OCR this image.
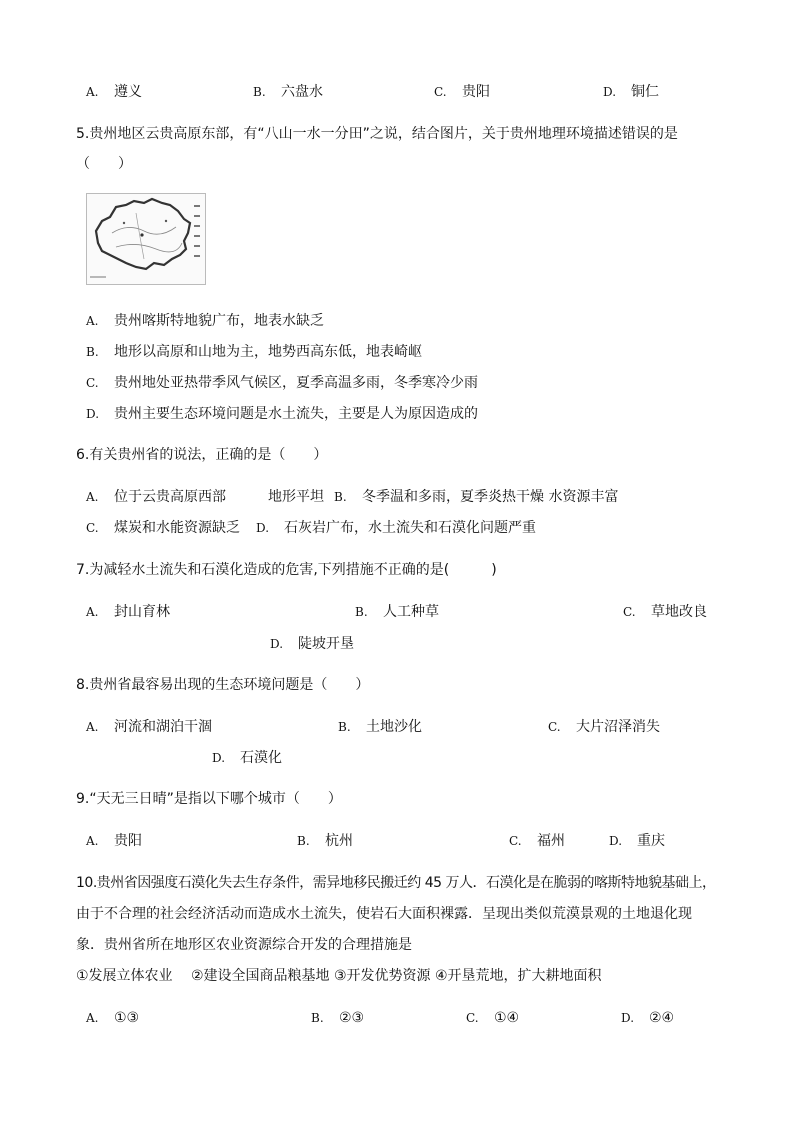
A. 遵义	B. 六盘水	C. 贵阳	D. 铜仁
5.贵州地区云贵高原东部，有“八山一水一分田”之说，结合图片，关于贵州地理环境描述错误的是
（　　）
A. 贵州喀斯特地貌广布，地表水缺乏
B. 地形以高原和山地为主，地势西高东低，地表崎岖
C. 贵州地处亚热带季风气候区，夏季高温多雨，冬季寒冷少雨
D. 贵州主要生态环境问题是水土流失，主要是人为原因造成的
6.有关贵州省的说法，正确的是（　　）
A. 位于云贵高原西部　　　地形平坦 B. 冬季温和多雨，夏季炎热干燥 水资源丰富
C. 煤炭和水能资源缺乏 D. 石灰岩广布，水土流失和石漠化问题严重
7.为减轻水土流失和石漠化造成的危害,下列措施不正确的是(　　　)
A. 封山育林	B. 人工种草	C. 草地改良
D. 陡坡开垦
8.贵州省最容易出现的生态环境问题是（　　）
A. 河流和湖泊干涸	B. 土地沙化	C. 大片沼泽消失
D. 石漠化
9.“天无三日晴”是指以下哪个城市（　　）
A. 贵阳	B. 杭州	C. 福州	D. 重庆
10.贵州省因强度石漠化失去生存条件，需异地移民搬迁约 45 万人．石漠化是在脆弱的喀斯特地貌基础上，
由于不合理的社会经济活动而造成水土流失，使岩石大面积裸露．呈现出类似荒漠景观的土地退化现
象．贵州省所在地形区农业资源综合开发的合理措施是
①发展立体农业　 ②建设全国商品粮基地 ③开发优势资源 ④开垦荒地，扩大耕地面积
A. ①③	B. ②③	C. ①④	D. ②④
